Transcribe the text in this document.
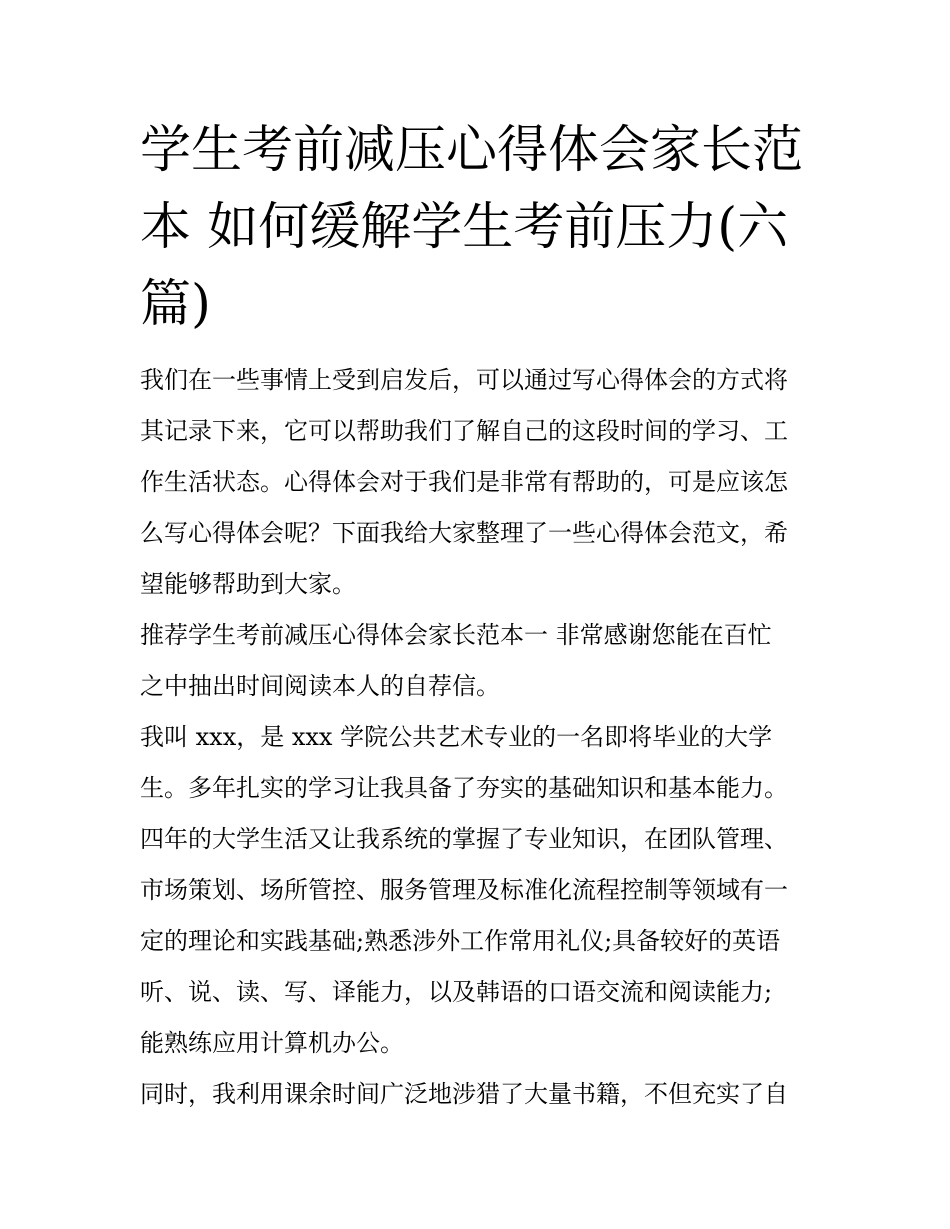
学生考前减压心得体会家长范
本 如何缓解学生考前压力(六
篇)
我们在一些事情上受到启发后，可以通过写心得体会的方式将
其记录下来，它可以帮助我们了解自己的这段时间的学习、工
作生活状态。心得体会对于我们是非常有帮助的，可是应该怎
么写心得体会呢？下面我给大家整理了一些心得体会范文，希
望能够帮助到大家。
推荐学生考前减压心得体会家长范本一 非常感谢您能在百忙
之中抽出时间阅读本人的自荐信。
我叫 xxx，是 xxx 学院公共艺术专业的一名即将毕业的大学
生。多年扎实的学习让我具备了夯实的基础知识和基本能力。
四年的大学生活又让我系统的掌握了专业知识，在团队管理、
市场策划、场所管控、服务管理及标准化流程控制等领域有一
定的理论和实践基础;熟悉涉外工作常用礼仪;具备较好的英语
听、说、读、写、译能力，以及韩语的口语交流和阅读能力;
能熟练应用计算机办公。
同时，我利用课余时间广泛地涉猎了大量书籍，不但充实了自
